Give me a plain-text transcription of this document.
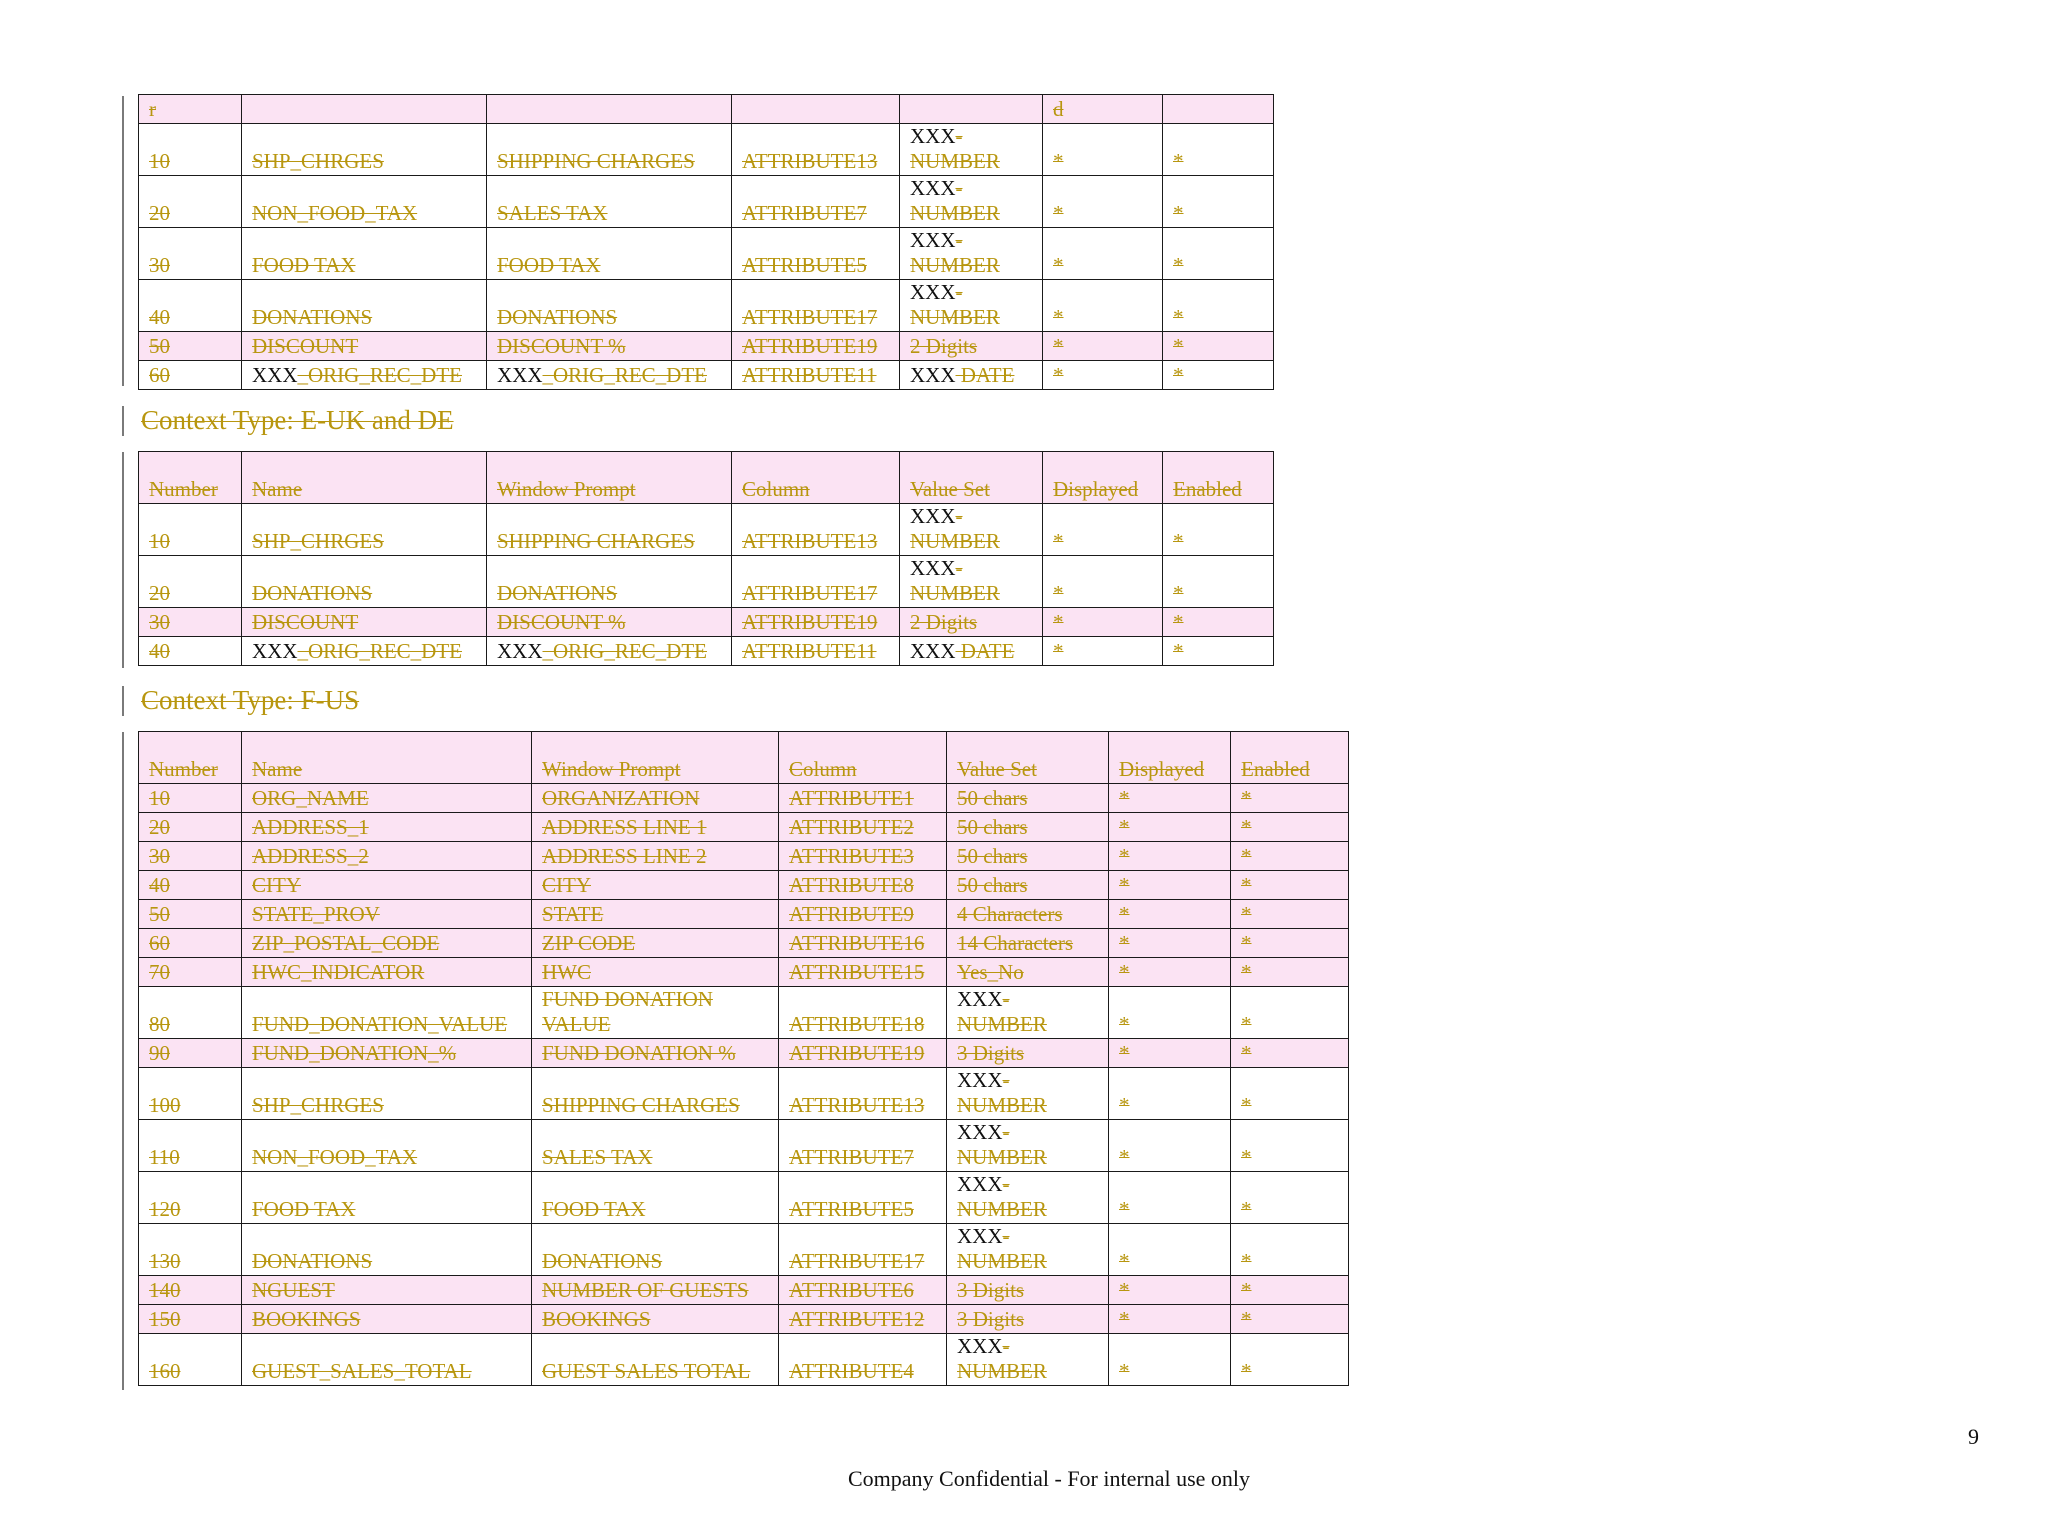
r					d	
10	SHP_CHRGES	SHIPPING CHARGES	ATTRIBUTE13	XXX-NUMBER	*	*
20	NON_FOOD_TAX	SALES TAX	ATTRIBUTE7	XXX-NUMBER	*	*
30	FOOD TAX	FOOD TAX	ATTRIBUTE5	XXX-NUMBER	*	*
40	DONATIONS	DONATIONS	ATTRIBUTE17	XXX-NUMBER	*	*
50	DISCOUNT	DISCOUNT %	ATTRIBUTE19	2 Digits	*	*
60	XXX_ORIG_REC_DTE	XXX_ORIG_REC_DTE	ATTRIBUTE11	XXX DATE	*	*
Context Type: E-UK and DE
Number	Name	Window Prompt	Column	Value Set	Displayed	Enabled
10	SHP_CHRGES	SHIPPING CHARGES	ATTRIBUTE13	XXX-NUMBER	*	*
20	DONATIONS	DONATIONS	ATTRIBUTE17	XXX-NUMBER	*	*
30	DISCOUNT	DISCOUNT %	ATTRIBUTE19	2 Digits	*	*
40	XXX_ORIG_REC_DTE	XXX_ORIG_REC_DTE	ATTRIBUTE11	XXX DATE	*	*
Context Type: F-US
Number	Name	Window Prompt	Column	Value Set	Displayed	Enabled
10	ORG_NAME	ORGANIZATION	ATTRIBUTE1	50 chars	*	*
20	ADDRESS_1	ADDRESS LINE 1	ATTRIBUTE2	50 chars	*	*
30	ADDRESS_2	ADDRESS LINE 2	ATTRIBUTE3	50 chars	*	*
40	CITY	CITY	ATTRIBUTE8	50 chars	*	*
50	STATE_PROV	STATE	ATTRIBUTE9	4 Characters	*	*
60	ZIP_POSTAL_CODE	ZIP CODE	ATTRIBUTE16	14 Characters	*	*
70	HWC_INDICATOR	HWC	ATTRIBUTE15	Yes_No	*	*
80	FUND_DONATION_VALUE	FUND DONATION VALUE	ATTRIBUTE18	XXX-NUMBER	*	*
90	FUND_DONATION_%	FUND DONATION %	ATTRIBUTE19	3 Digits	*	*
100	SHP_CHRGES	SHIPPING CHARGES	ATTRIBUTE13	XXX-NUMBER	*	*
110	NON_FOOD_TAX	SALES TAX	ATTRIBUTE7	XXX-NUMBER	*	*
120	FOOD TAX	FOOD TAX	ATTRIBUTE5	XXX-NUMBER	*	*
130	DONATIONS	DONATIONS	ATTRIBUTE17	XXX-NUMBER	*	*
140	NGUEST	NUMBER OF GUESTS	ATTRIBUTE6	3 Digits	*	*
150	BOOKINGS	BOOKINGS	ATTRIBUTE12	3 Digits	*	*
160	GUEST_SALES_TOTAL	GUEST SALES TOTAL	ATTRIBUTE4	XXX-NUMBER	*	*
9
Company Confidential - For internal use only
